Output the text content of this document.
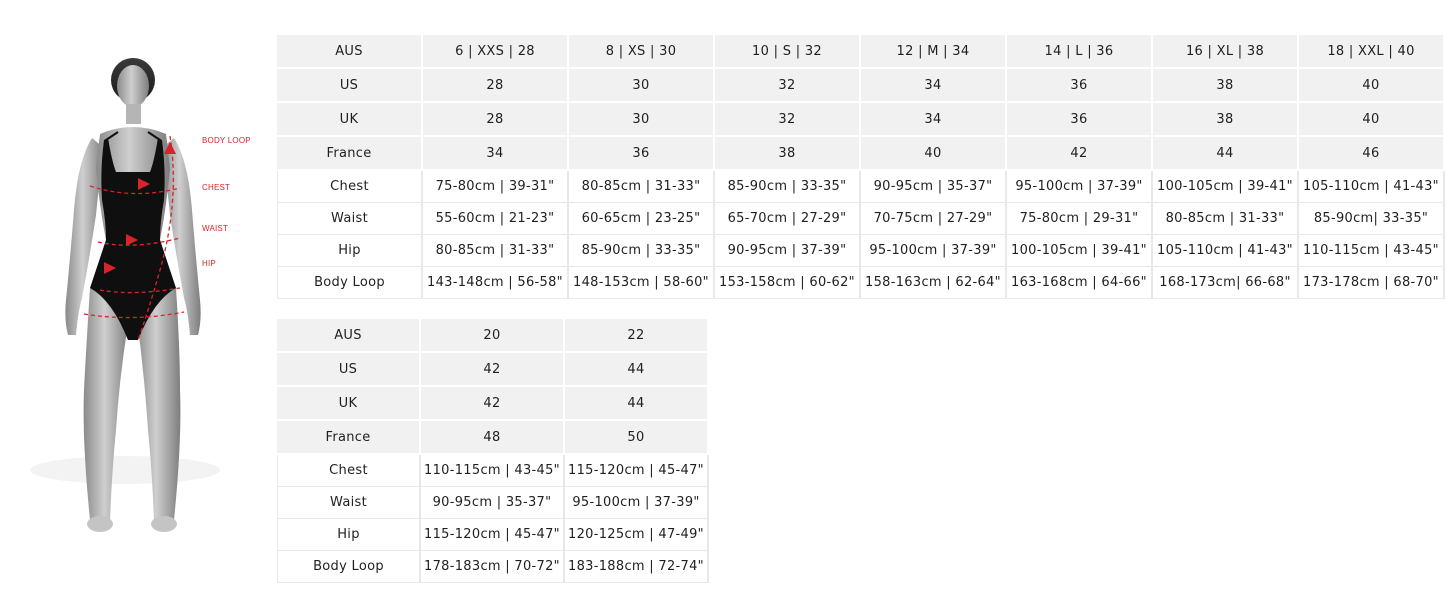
BODY LOOP
CHEST
WAIST
HIP
AUS	6 | XXS | 28	8 | XS | 30	10 | S | 32	12 | M | 34	14 | L | 36	16 | XL | 38	18 | XXL | 40
US	28	30	32	34	36	38	40
UK	28	30	32	34	36	38	40
France	34	36	38	40	42	44	46
Chest	75-80cm | 39-31"	80-85cm | 31-33"	85-90cm | 33-35"	90-95cm | 35-37"	95-100cm | 37-39"	100-105cm | 39-41"	105-110cm | 41-43"
Waist	55-60cm | 21-23"	60-65cm | 23-25"	65-70cm | 27-29"	70-75cm | 27-29"	75-80cm | 29-31"	80-85cm | 31-33"	85-90cm| 33-35"
Hip	80-85cm | 31-33"	85-90cm | 33-35"	90-95cm | 37-39"	95-100cm | 37-39"	100-105cm | 39-41"	105-110cm | 41-43"	110-115cm | 43-45"
Body Loop	143-148cm | 56-58"	148-153cm | 58-60"	153-158cm | 60-62"	158-163cm | 62-64"	163-168cm | 64-66"	168-173cm| 66-68"	173-178cm | 68-70"
AUS	20	22
US	42	44
UK	42	44
France	48	50
Chest	110-115cm | 43-45"	115-120cm | 45-47"
Waist	90-95cm | 35-37"	95-100cm | 37-39"
Hip	115-120cm | 45-47"	120-125cm | 47-49"
Body Loop	178-183cm | 70-72"	183-188cm | 72-74"
